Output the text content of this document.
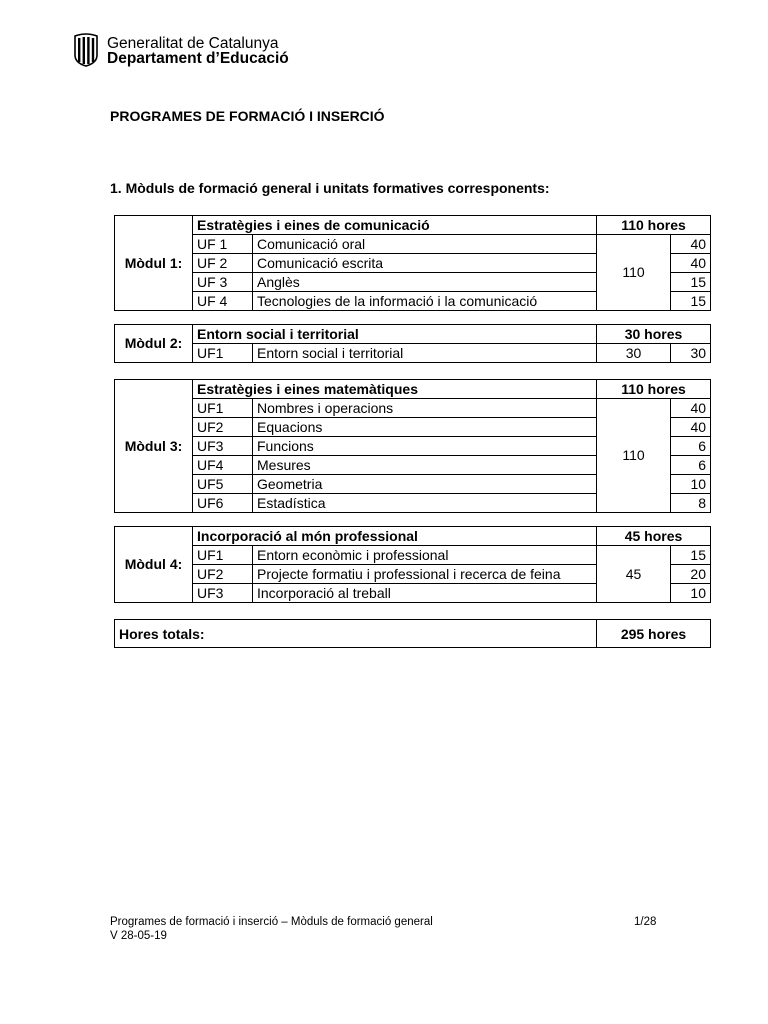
Generalitat de Catalunya
Departament d’Educació
PROGRAMES DE FORMACIÓ I INSERCIÓ
1. Mòduls de formació general i unitats formatives corresponents:
Mòdul 1:	Estratègies i eines de comunicació		110 hores	
	UF 1	Comunicació oral	110	40
	UF 2	Comunicació escrita		40
	UF 3	Anglès		15
	UF 4	Tecnologies de la informació i la comunicació		15
Mòdul 2:	Entorn social i territorial		30 hores	
	UF1	Entorn social i territorial	30	30
Mòdul 3:	Estratègies i eines matemàtiques		110 hores	
	UF1	Nombres i operacions	110	40
	UF2	Equacions		40
	UF3	Funcions		6
	UF4	Mesures		6
	UF5	Geometria		10
	UF6	Estadística		8
Mòdul 4:	Incorporació al món professional		45 hores	
	UF1	Entorn econòmic i professional	45	15
	UF2	Projecte formatiu i professional i recerca de feina		20
	UF3	Incorporació al treball		10
Hores totals:	295 hores
Programes de formació i inserció – Mòduls de formació general
V 28-05-19
1/28
